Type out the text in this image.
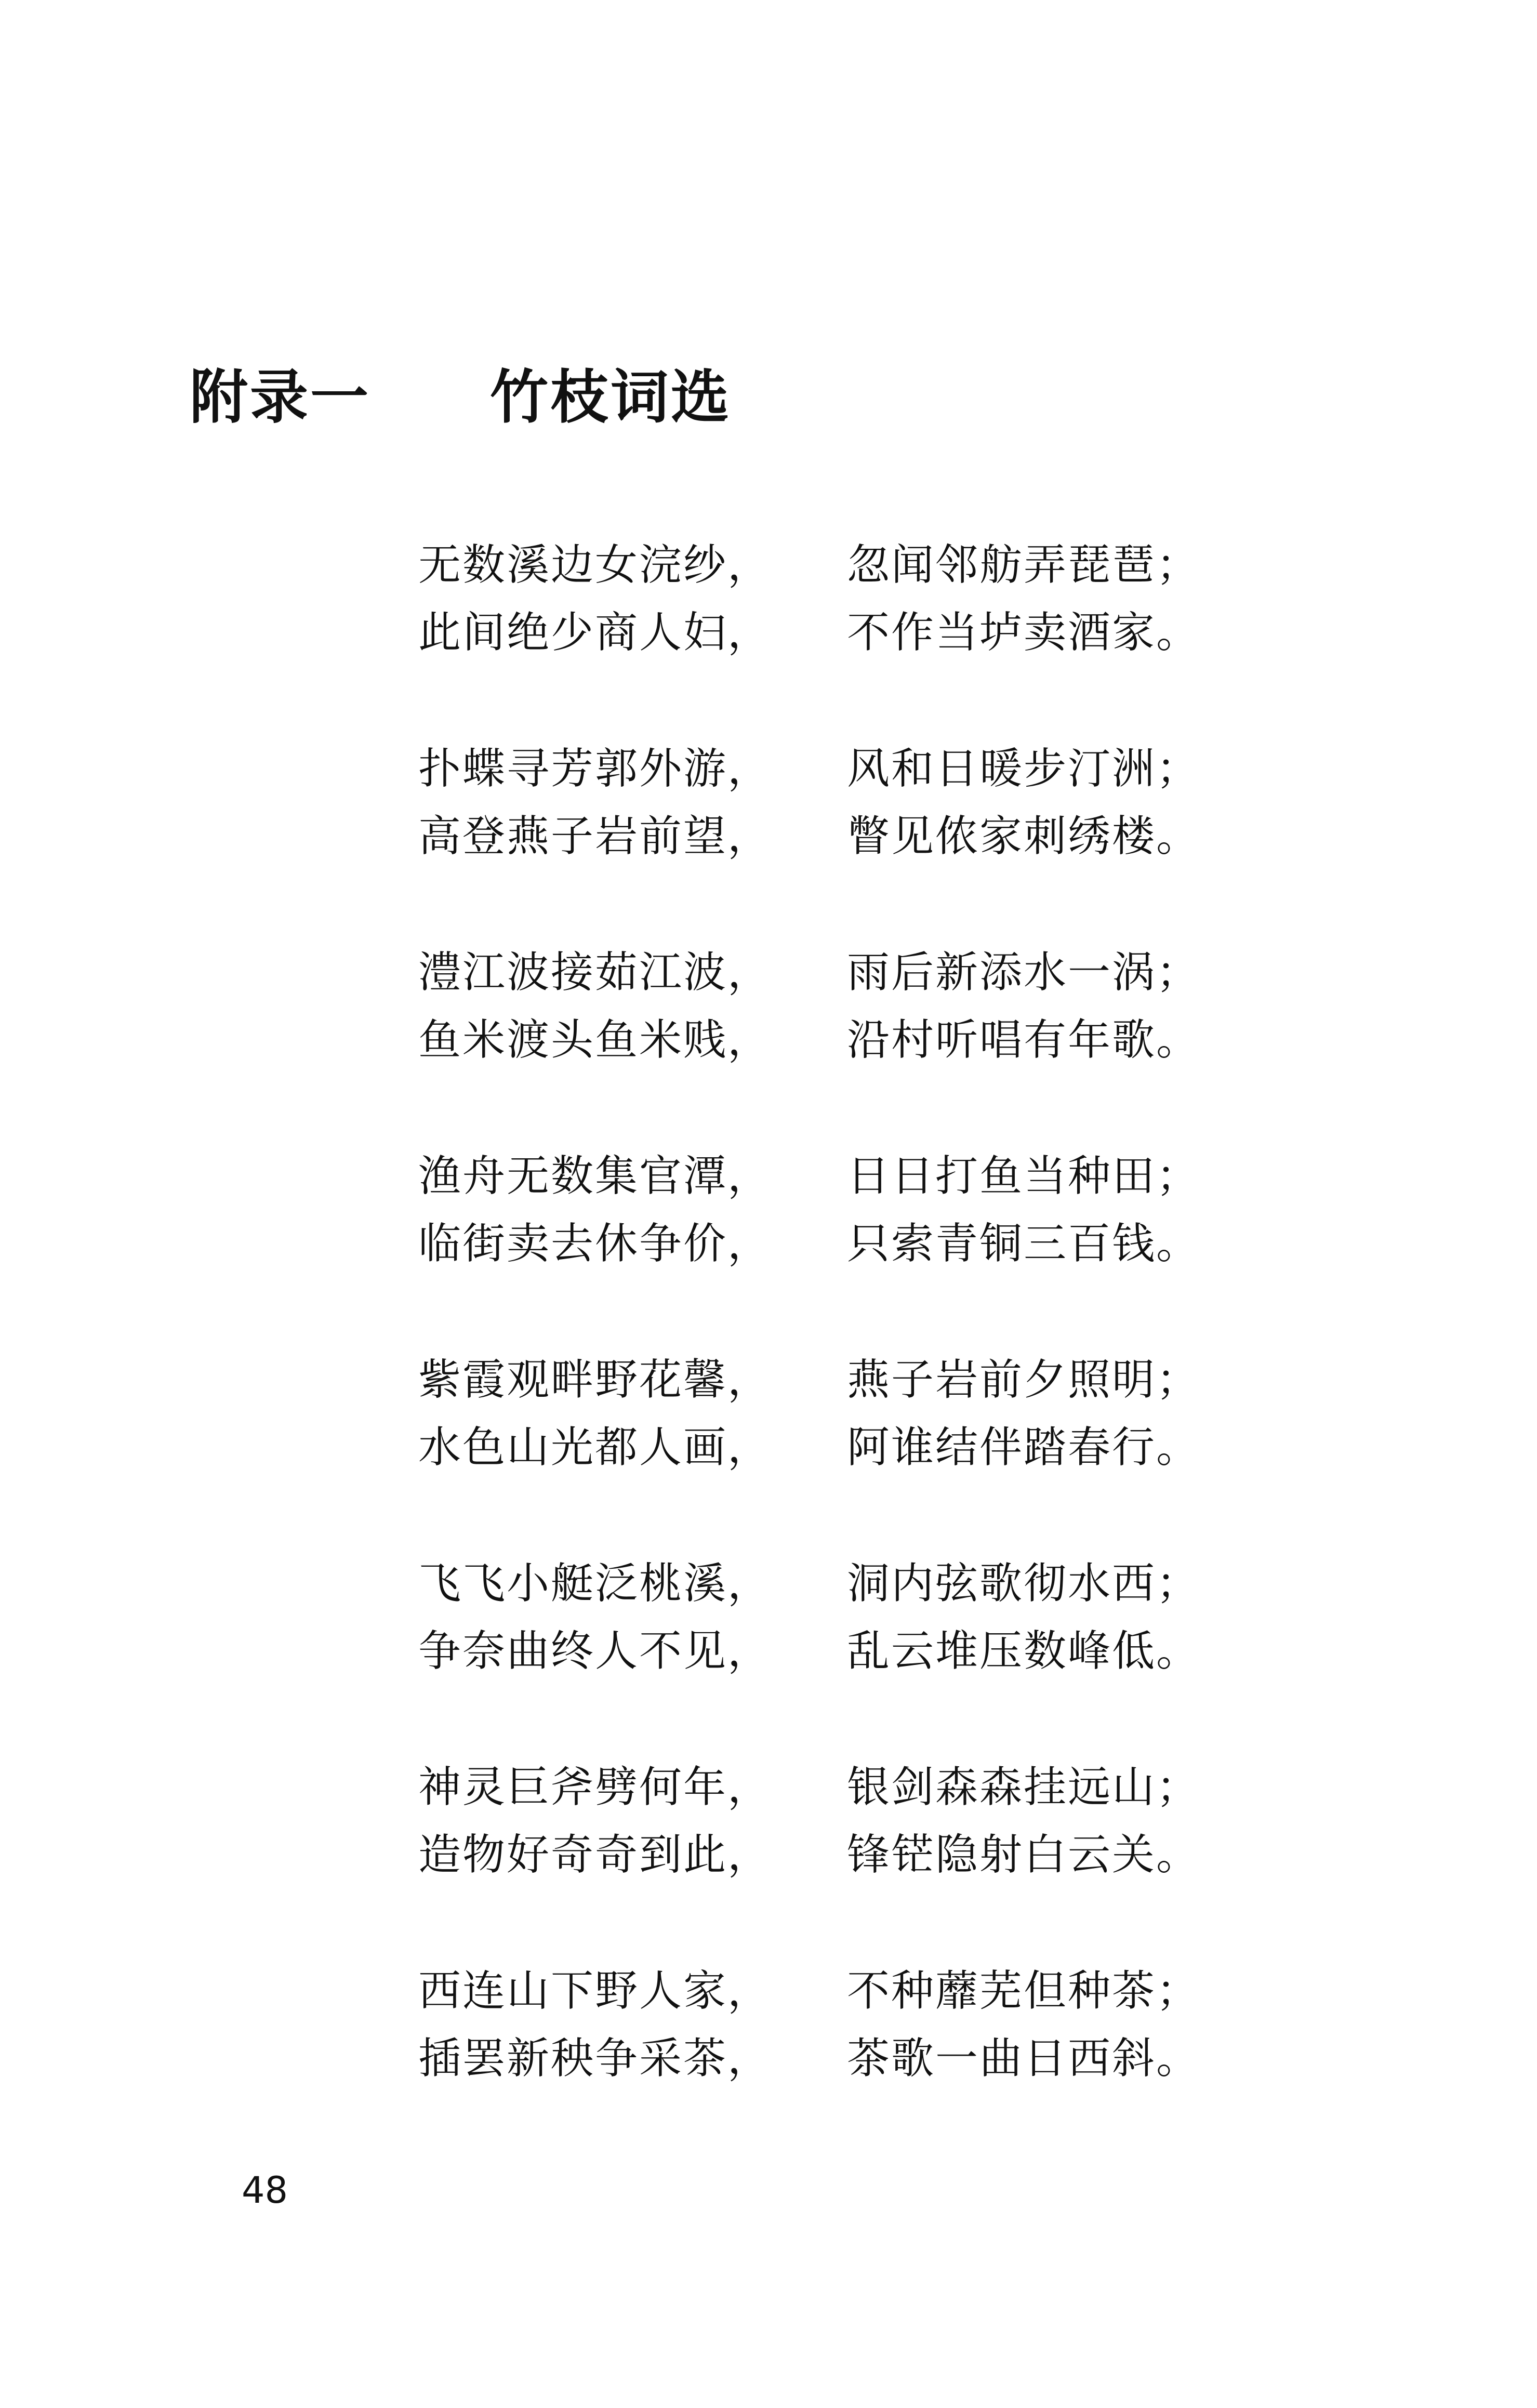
附录一 竹枝词选
无数溪边女浣纱，	忽闻邻舫弄琵琶；
此间绝少商人妇，	不作当垆卖酒家。
扑蝶寻芳郭外游，	风和日暖步汀洲；
高登燕子岩前望，	瞥见侬家刺绣楼。
澧江波接茹江波，	雨后新添水一涡；
鱼米渡头鱼米贱，	沿村听唱有年歌。
渔舟无数集官潭，	日日打鱼当种田；
临街卖去休争价，	只索青铜三百钱。
紫霞观畔野花馨，	燕子岩前夕照明；
水色山光都人画，	阿谁结伴踏春行。
飞飞小艇泛桃溪，	洞内弦歌彻水西；
争奈曲终人不见，	乱云堆压数峰低。
神灵巨斧劈何年，	银剑森森挂远山；
造物好奇奇到此，	锋铓隐射白云关。
西连山下野人家，	不种蘼芜但种茶；
插罢新秧争采茶，	茶歌一曲日西斜。
48
